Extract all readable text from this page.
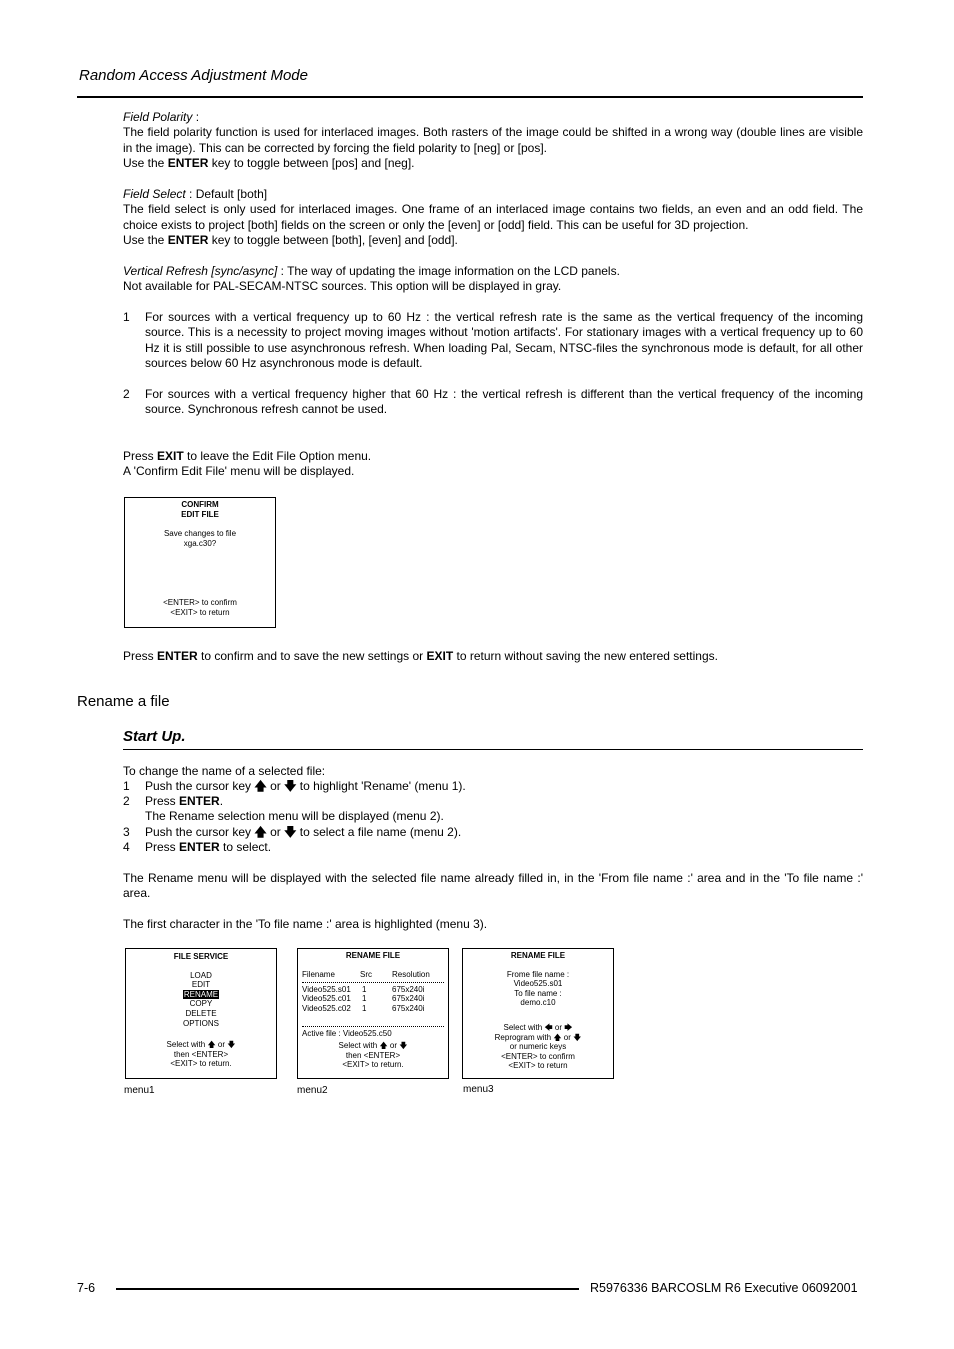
Random Access Adjustment Mode
Field Polarity :
The field polarity function is used for interlaced images. Both rasters of the image could be shifted in a wrong way (double lines are visible in the image). This can be corrected by forcing the field polarity to [neg] or [pos].
Use the ENTER key to toggle between [pos] and [neg].
Field Select : Default [both]
The field select is only used for interlaced images. One frame of an interlaced image contains two fields, an even and an odd field. The choice exists to project [both] fields on the screen or only the [even] or [odd] field. This can be useful for 3D projection.
Use the ENTER key to toggle between [both], [even] and [odd].
Vertical Refresh [sync/async] : The way of updating the image information on the LCD panels.
Not available for PAL-SECAM-NTSC sources. This option will be displayed in gray.
1 For sources with a vertical frequency up to 60 Hz : the vertical refresh rate is the same as the vertical frequency of the incoming source. This is a necessity to project moving images without 'motion artifacts'. For stationary images with a vertical frequency up to 60 Hz it is still possible to use asynchronous refresh. When loading Pal, Secam, NTSC-files the synchronous mode is default, for all other sources below 60 Hz asynchronous mode is default.
2 For sources with a vertical frequency higher that 60 Hz : the vertical refresh is different than the vertical frequency of the incoming source. Synchronous refresh cannot be used.
Press EXIT to leave the Edit File Option menu.
A 'Confirm Edit File' menu will be displayed.
CONFIRM
EDIT FILE
Save changes to file
xga.c30?
<ENTER> to confirm
<EXIT> to return
Press ENTER to confirm and to save the new settings or EXIT to return without saving the new entered settings.
Rename a file
Start Up.
To change the name of a selected file:
1 Push the cursor key 🡅 or 🡇 to highlight 'Rename' (menu 1).
2 Press ENTER.
The Rename selection menu will be displayed (menu 2).
3 Push the cursor key 🡅 or 🡇 to select a file name (menu 2).
4 Press ENTER to select.
The Rename menu will be displayed with the selected file name already filled in, in the 'From file name :' area and in the 'To file name :' area.
The first character in the 'To file name :' area is highlighted (menu 3).
FILE SERVICE
LOAD
EDIT
RENAME
COPY
DELETE
OPTIONS
Select with 🡅 or 🡇
then <ENTER>
<EXIT> to return.
menu1
RENAME FILE
Filename	Src	Resolution
Video525.s01 1	675x240i
Video525.c01 1	675x240i
Video525.c02 1	675x240i
Active file : Video525.c50
Select with 🡅 or 🡇
then <ENTER>
<EXIT> to return.
menu2
RENAME FILE
Frome file name :
Video525.s01
To file name :
demo.c10
Select with 🡄 or 🡆
Reprogram with 🡅 or 🡇
or numeric keys
<ENTER> to confirm
<EXIT> to return
menu3
7-6	R5976336 BARCOSLM R6 Executive 06092001
